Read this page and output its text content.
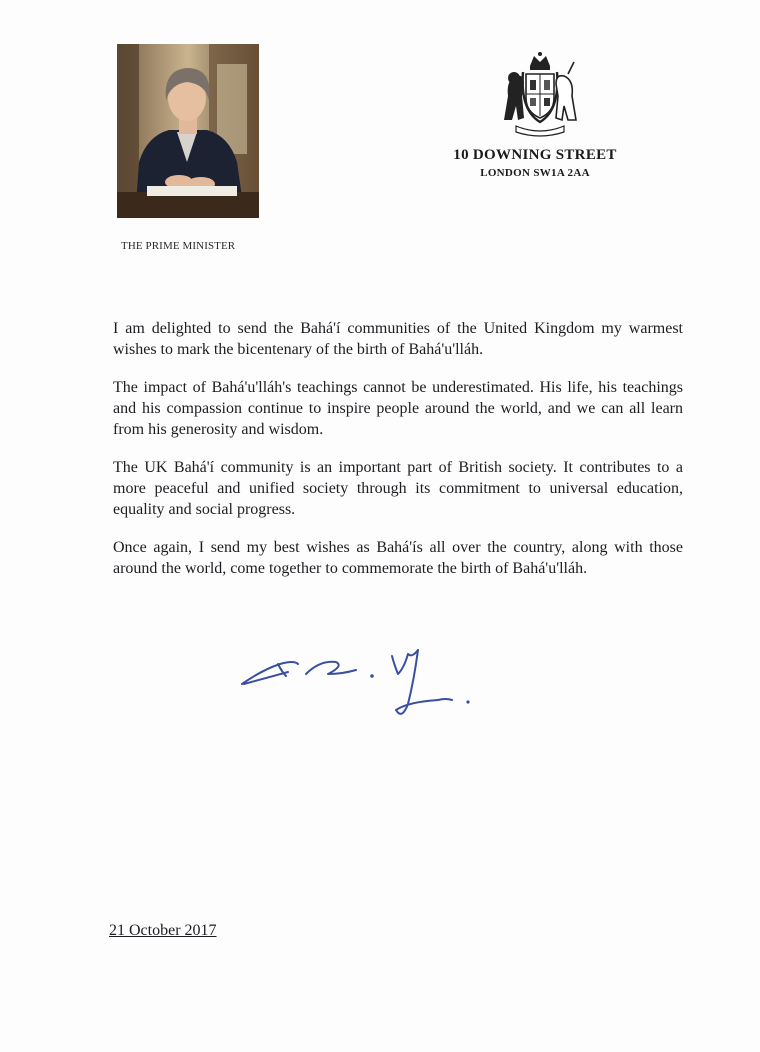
THE PRIME MINISTER
10 DOWNING STREET
LONDON SW1A 2AA

I am delighted to send the Bahá'í communities of the United Kingdom my warmest wishes to mark the bicentenary of the birth of Bahá'u'lláh.

The impact of Bahá'u'lláh's teachings cannot be underestimated. His life, his teachings and his compassion continue to inspire people around the world, and we can all learn from his generosity and wisdom.

The UK Bahá'í community is an important part of British society. It contributes to a more peaceful and unified society through its commitment to universal education, equality and social progress.

Once again, I send my best wishes as Bahá'ís all over the country, along with those around the world, come together to commemorate the birth of Bahá'u'lláh.

21 October 2017
